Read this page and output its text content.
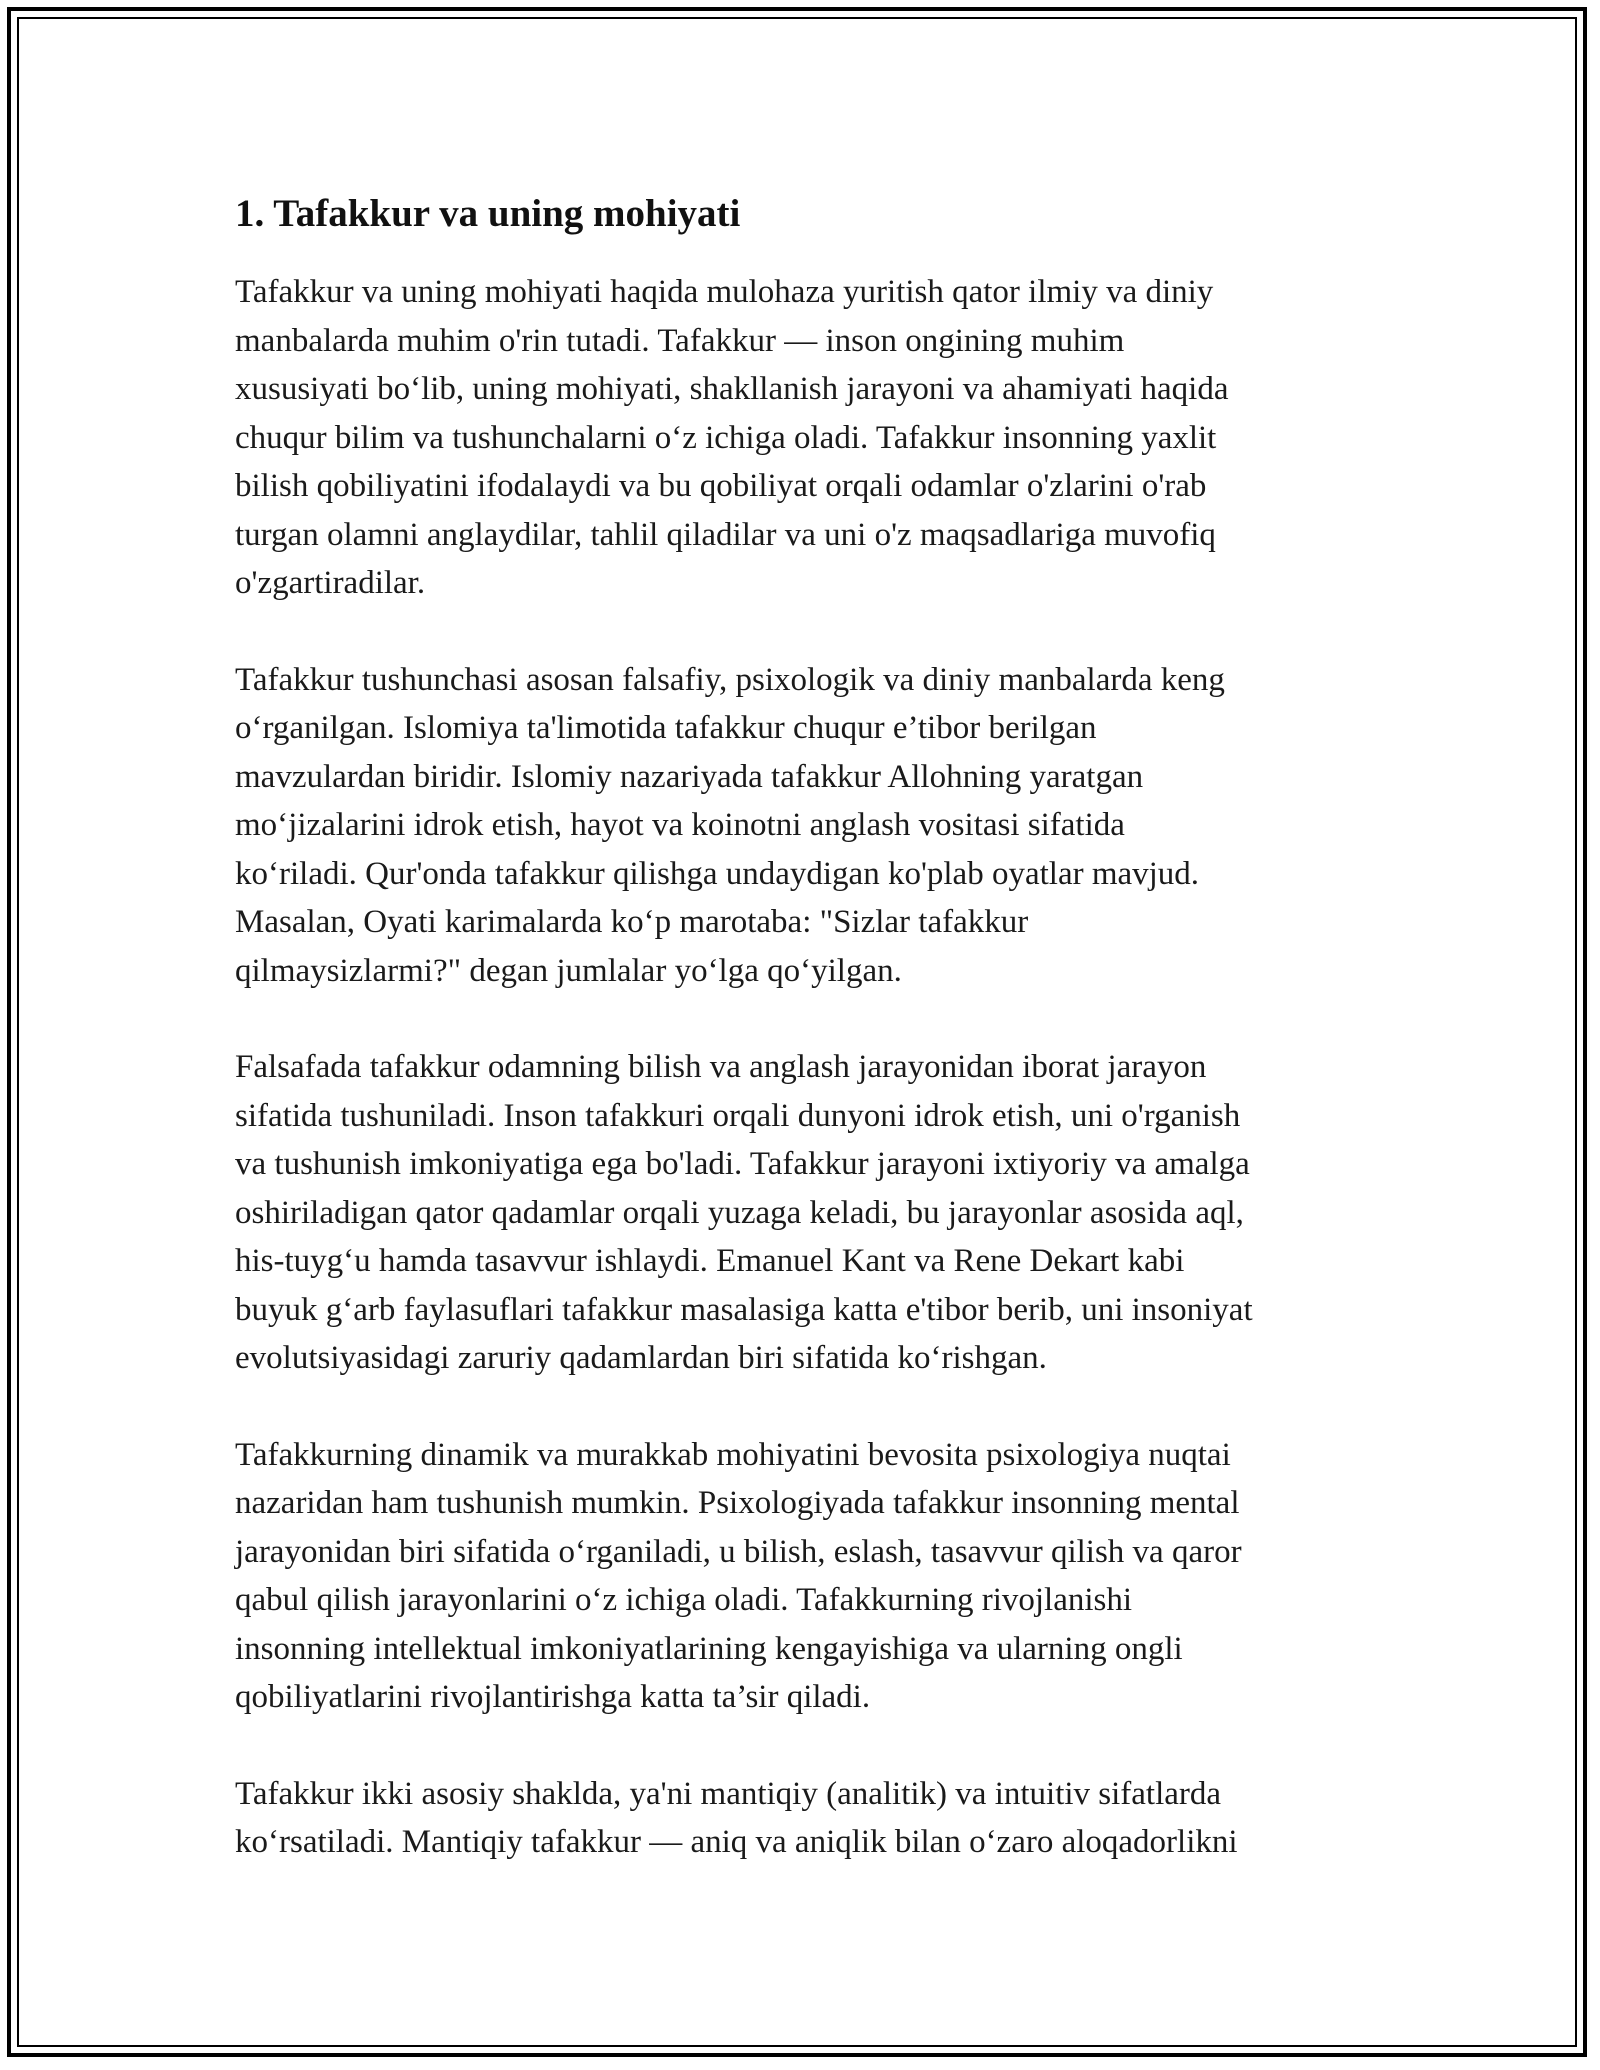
1. Tafakkur va uning mohiyati

Tafakkur va uning mohiyati haqida mulohaza yuritish qator ilmiy va diniy
manbalarda muhim o'rin tutadi. Tafakkur — inson ongining muhim
xususiyati bo‘lib, uning mohiyati, shakllanish jarayoni va ahamiyati haqida
chuqur bilim va tushunchalarni o‘z ichiga oladi. Tafakkur insonning yaxlit
bilish qobiliyatini ifodalaydi va bu qobiliyat orqali odamlar o'zlarini o'rab
turgan olamni anglaydilar, tahlil qiladilar va uni o'z maqsadlariga muvofiq
o'zgartiradilar.

Tafakkur tushunchasi asosan falsafiy, psixologik va diniy manbalarda keng
o‘rganilgan. Islomiya ta'limotida tafakkur chuqur e’tibor berilgan
mavzulardan biridir. Islomiy nazariyada tafakkur Allohning yaratgan
mo‘jizalarini idrok etish, hayot va koinotni anglash vositasi sifatida
ko‘riladi. Qur'onda tafakkur qilishga undaydigan ko'plab oyatlar mavjud.
Masalan, Oyati karimalarda ko‘p marotaba: "Sizlar tafakkur
qilmaysizlarmi?" degan jumlalar yo‘lga qo‘yilgan.

Falsafada tafakkur odamning bilish va anglash jarayonidan iborat jarayon
sifatida tushuniladi. Inson tafakkuri orqali dunyoni idrok etish, uni o'rganish
va tushunish imkoniyatiga ega bo'ladi. Tafakkur jarayoni ixtiyoriy va amalga
oshiriladigan qator qadamlar orqali yuzaga keladi, bu jarayonlar asosida aql,
his-tuyg‘u hamda tasavvur ishlaydi. Emanuel Kant va Rene Dekart kabi
buyuk g‘arb faylasuflari tafakkur masalasiga katta e'tibor berib, uni insoniyat
evolutsiyasidagi zaruriy qadamlardan biri sifatida ko‘rishgan.

Tafakkurning dinamik va murakkab mohiyatini bevosita psixologiya nuqtai
nazaridan ham tushunish mumkin. Psixologiyada tafakkur insonning mental
jarayonidan biri sifatida o‘rganiladi, u bilish, eslash, tasavvur qilish va qaror
qabul qilish jarayonlarini o‘z ichiga oladi. Tafakkurning rivojlanishi
insonning intellektual imkoniyatlarining kengayishiga va ularning ongli
qobiliyatlarini rivojlantirishga katta ta’sir qiladi.

Tafakkur ikki asosiy shaklda, ya'ni mantiqiy (analitik) va intuitiv sifatlarda
ko‘rsatiladi. Mantiqiy tafakkur — aniq va aniqlik bilan o‘zaro aloqadorlikni
